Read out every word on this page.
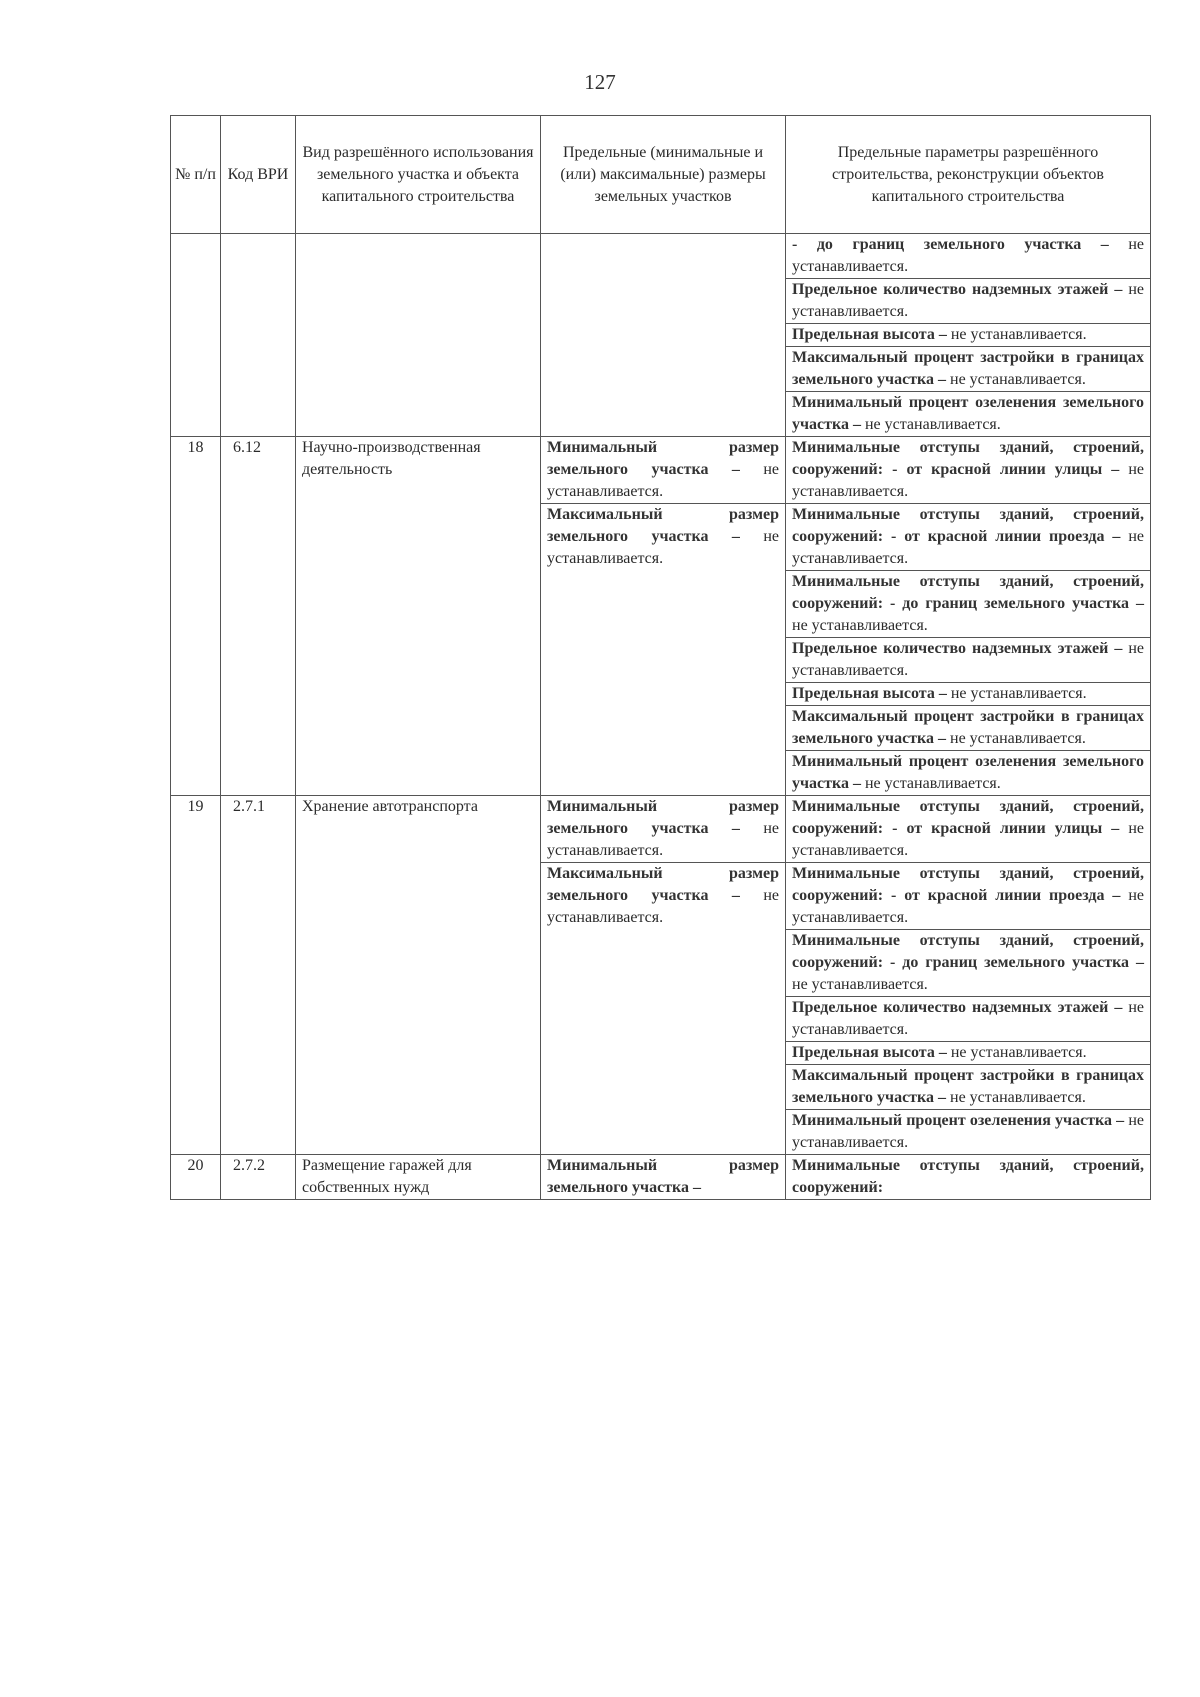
127
№ п/п	Код ВРИ	Вид разрешённого использования земельного участка и объекта капитального строительства	Предельные (минимальные и (или) максимальные) размеры земельных участков	Предельные параметры разрешённого строительства, реконструкции объектов капитального строительства
				- до границ земельного участка – не устанавливается.
				Предельное количество надземных этажей – не устанавливается.
				Предельная высота – не устанавливается.
				Максимальный процент застройки в границах земельного участка – не устанавливается.
				Минимальный процент озеленения земельного участка – не устанавливается.
18	6.12	Научно-производственная деятельность	Минимальный размер земельного участка – не устанавливается.	Минимальные отступы зданий, строений, сооружений: - от красной линии улицы – не устанавливается.
			Максимальный размер земельного участка – не устанавливается.	Минимальные отступы зданий, строений, сооружений: - от красной линии проезда – не устанавливается.
				Минимальные отступы зданий, строений, сооружений: - до границ земельного участка – не устанавливается.
				Предельное количество надземных этажей – не устанавливается.
				Предельная высота – не устанавливается.
				Максимальный процент застройки в границах земельного участка – не устанавливается.
				Минимальный процент озеленения земельного участка – не устанавливается.
19	2.7.1	Хранение автотранспорта	Минимальный размер земельного участка – не устанавливается.	Минимальные отступы зданий, строений, сооружений: - от красной линии улицы – не устанавливается.
			Максимальный размер земельного участка – не устанавливается.	Минимальные отступы зданий, строений, сооружений: - от красной линии проезда – не устанавливается.
				Минимальные отступы зданий, строений, сооружений: - до границ земельного участка – не устанавливается.
				Предельное количество надземных этажей – не устанавливается.
				Предельная высота – не устанавливается.
				Максимальный процент застройки в границах земельного участка – не устанавливается.
				Минимальный процент озеленения участка – не устанавливается.
20	2.7.2	Размещение гаражей для собственных нужд	Минимальный размер земельного участка –	Минимальные отступы зданий, строений, сооружений:
